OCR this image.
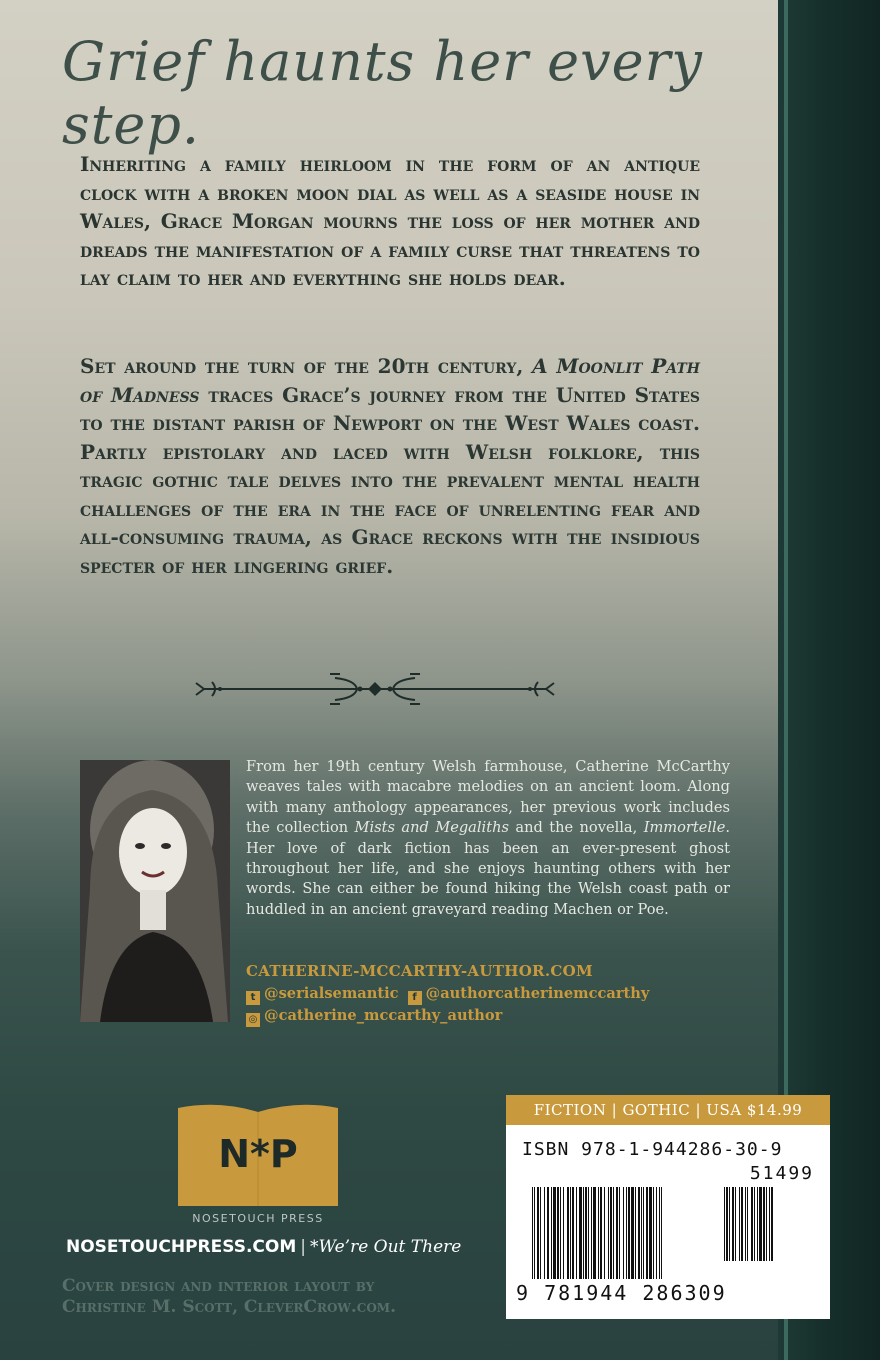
Grief haunts her every step.

Inheriting a family heirloom in the form of an antique clock with a broken moon dial as well as a seaside house in Wales, Grace Morgan mourns the loss of her mother and dreads the manifestation of a family curse that threatens to lay claim to her and everything she holds dear.

Set around the turn of the 20th century, A Moonlit Path of Madness traces Grace’s journey from the United States to the distant parish of Newport on the West Wales coast. Partly epistolary and laced with Welsh folklore, this tragic gothic tale delves into the prevalent mental health challenges of the era in the face of unrelenting fear and all-consuming trauma, as Grace reckons with the insidious specter of her lingering grief.

From her 19th century Welsh farmhouse, Catherine McCarthy weaves tales with macabre melodies on an ancient loom. Along with many anthology appearances, her previous work includes the collection Mists and Megaliths and the novella, Immortelle. Her love of dark fiction has been an ever-present ghost throughout her life, and she enjoys haunting others with her words. She can either be found hiking the Welsh coast path or huddled in an ancient graveyard reading Machen or Poe.

CATHERINE-MCCARTHY-AUTHOR.COM
t @serialsemantic f @authorcatherinemccarthy
◎ @catherine_mccarthy_author
N*P
NOSETOUCH PRESS
NOSETOUCHPRESS.COM | *We’re Out There

Cover design and interior layout by
Christine M. Scott, CleverCrow.com.

FICTION | GOTHIC | USA $14.99
ISBN 978-1-944286-30-9
51499
9 781944 286309
